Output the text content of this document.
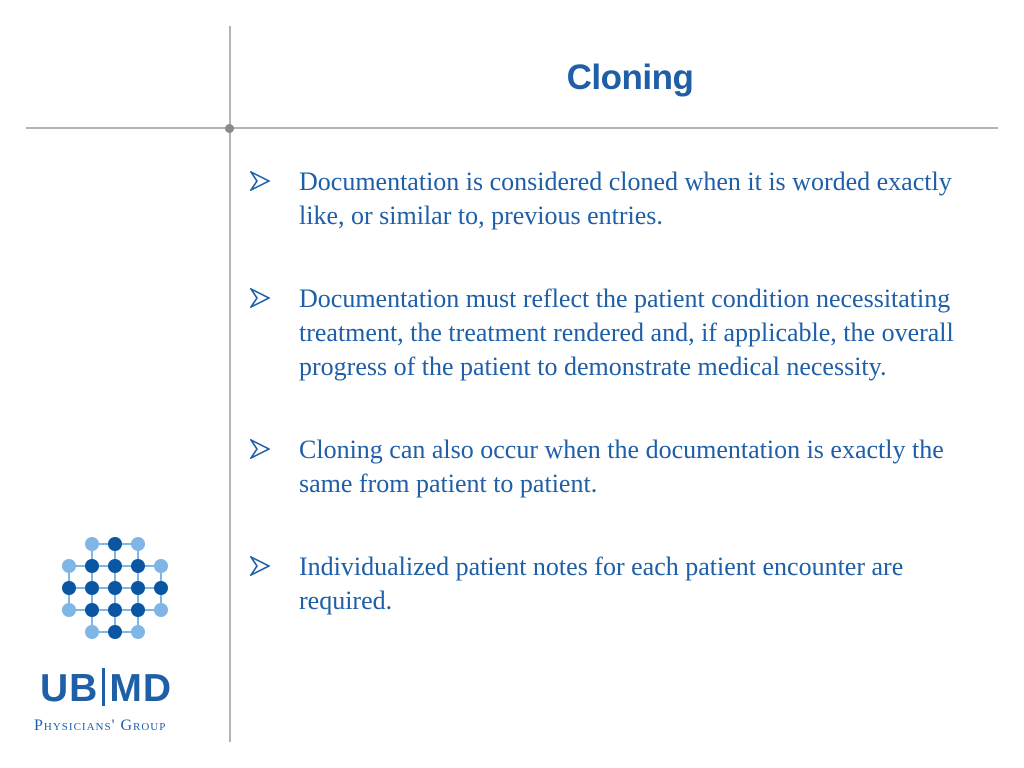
Cloning
Documentation is considered cloned when it is worded exactly like, or similar to, previous entries.
Documentation must reflect the patient condition necessitating treatment, the treatment rendered and, if applicable, the overall progress of the patient to demonstrate medical necessity.
Cloning can also occur when the documentation is exactly the same from patient to patient.
Individualized patient notes for each patient encounter are required.
UB MD
Physicians' Group
